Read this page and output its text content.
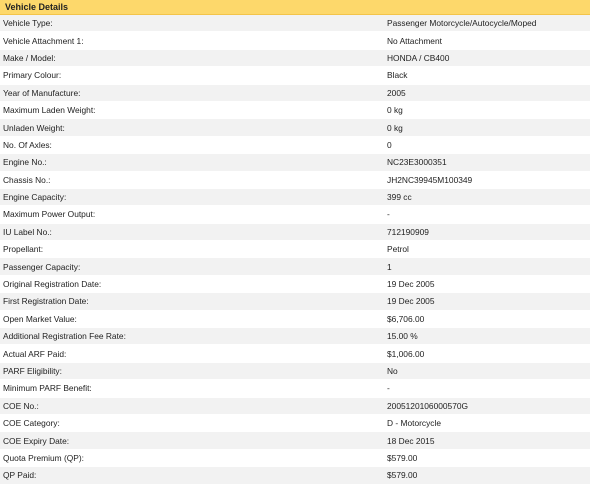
Vehicle Details
Vehicle Type:	Passenger Motorcycle/Autocycle/Moped
Vehicle Attachment 1:	No Attachment
Make / Model:	HONDA / CB400
Primary Colour:	Black
Year of Manufacture:	2005
Maximum Laden Weight:	0 kg
Unladen Weight:	0 kg
No. Of Axles:	0
Engine No.:	NC23E3000351
Chassis No.:	JH2NC39945M100349
Engine Capacity:	399 cc
Maximum Power Output:	-
IU Label No.:	712190909
Propellant:	Petrol
Passenger Capacity:	1
Original Registration Date:	19 Dec 2005
First Registration Date:	19 Dec 2005
Open Market Value:	$6,706.00
Additional Registration Fee Rate:	15.00 %
Actual ARF Paid:	$1,006.00
PARF Eligibility:	No
Minimum PARF Benefit:	-
COE No.:	2005120106000570G
COE Category:	D - Motorcycle
COE Expiry Date:	18 Dec 2015
Quota Premium (QP):	$579.00
QP Paid:	$579.00
